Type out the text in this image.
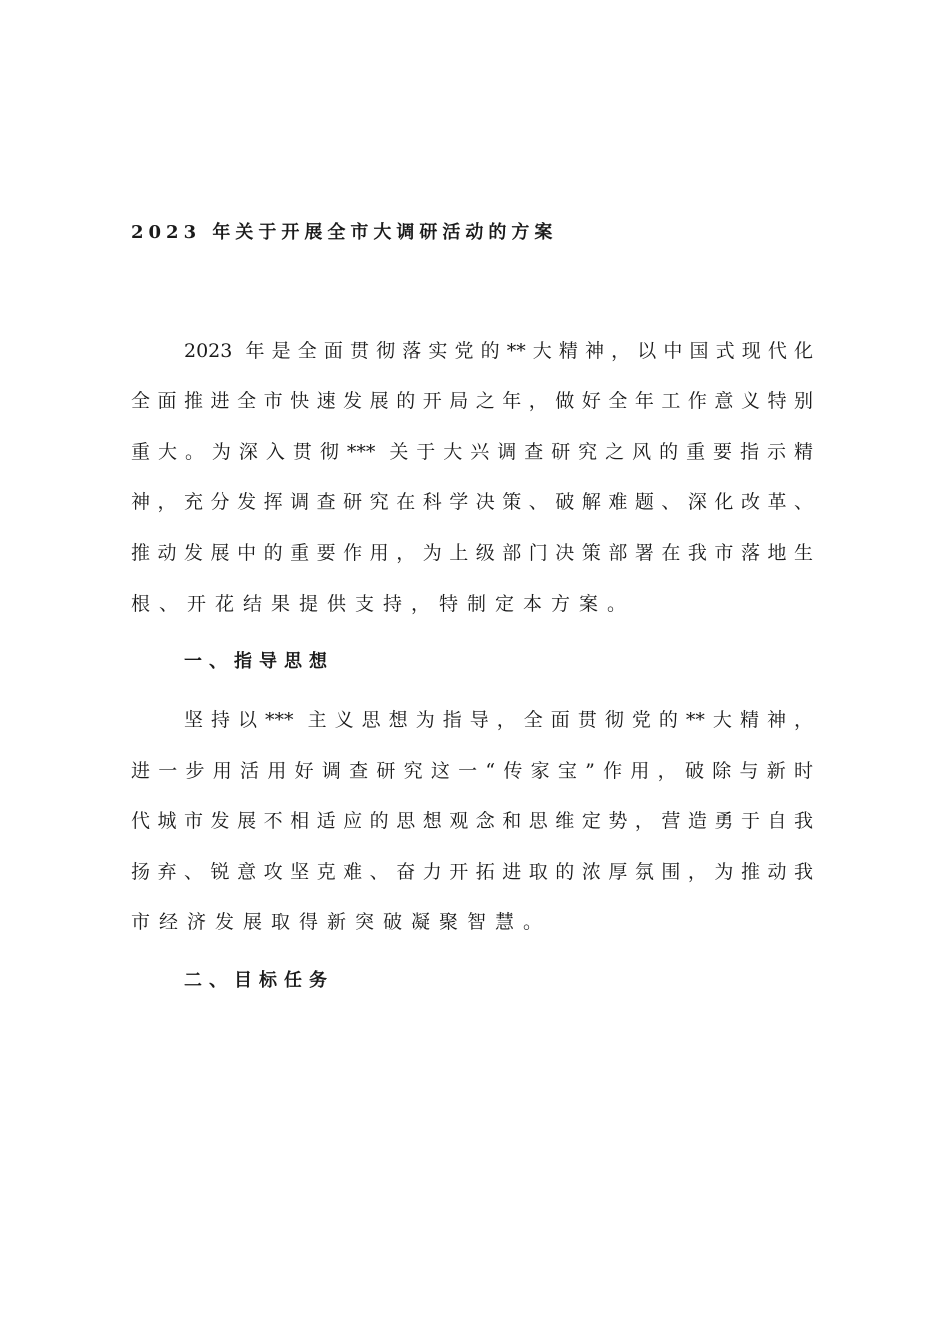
2023 年关于开展全市大调研活动的方案

2023 年是全面贯彻落实党的**大精神，以中国式现代化

全面推进全市快速发展的开局之年，做好全年工作意义特别

重大。为深入贯彻*** 关于大兴调查研究之风的重要指示精

神，充分发挥调查研究在科学决策、破解难题、深化改革、

推动发展中的重要作用，为上级部门决策部署在我市落地生

根、开花结果提供支持，特制定本方案。

一、指导思想

坚持以*** 主义思想为指导，全面贯彻党的**大精神，

进一步用活用好调查研究这一“传家宝”作用，破除与新时

代城市发展不相适应的思想观念和思维定势，营造勇于自我

扬弃、锐意攻坚克难、奋力开拓进取的浓厚氛围，为推动我

市经济发展取得新突破凝聚智慧。

二、目标任务
